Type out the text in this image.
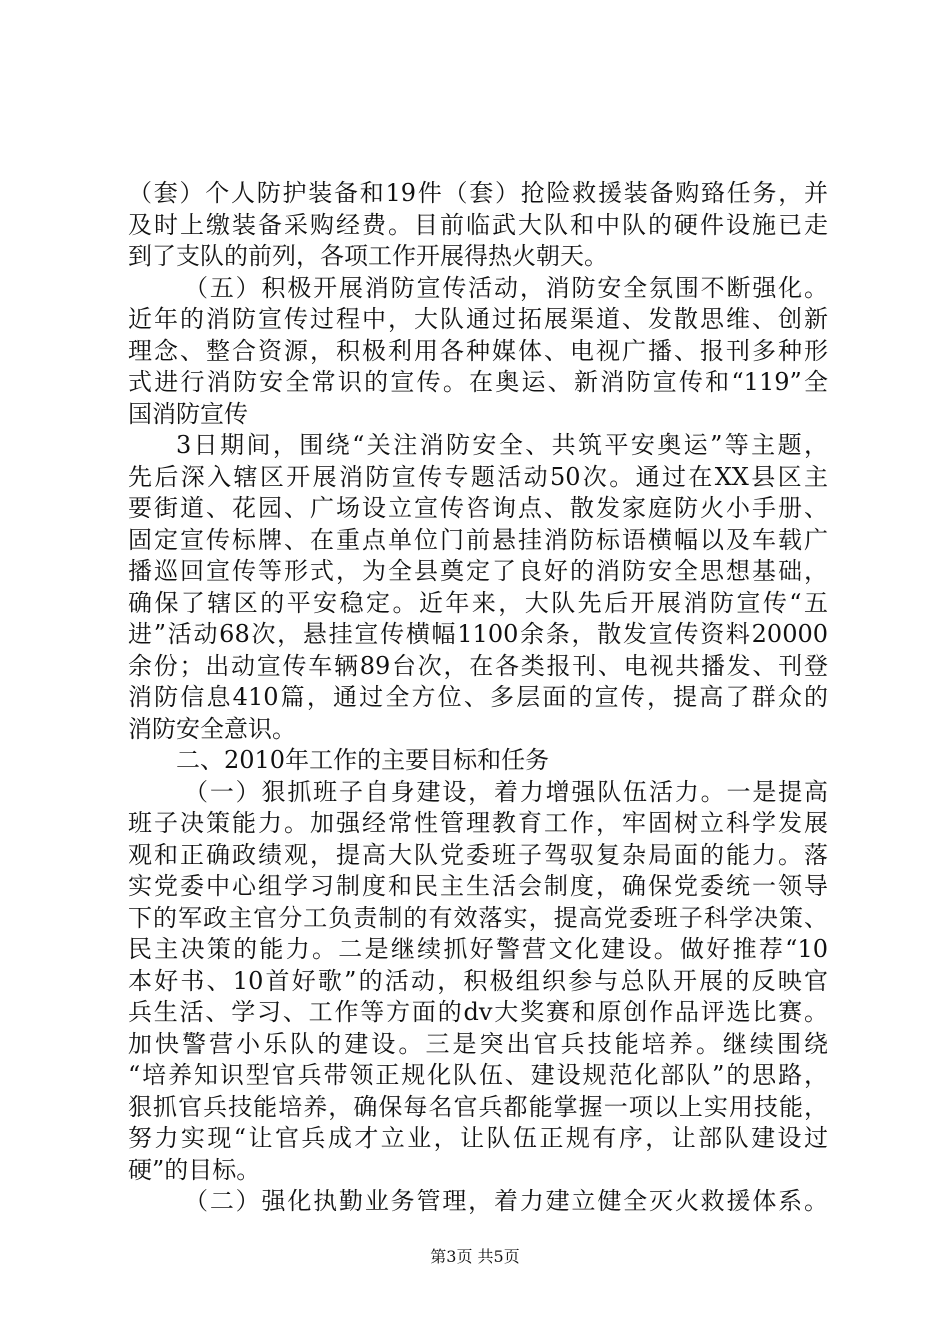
（套）个人防护装备和19件（套）抢险救援装备购臵任务，并
及时上缴装备采购经费。目前临武大队和中队的硬件设施已走
到了支队的前列，各项工作开展得热火朝天。
（五）积极开展消防宣传活动，消防安全氛围不断强化。
近年的消防宣传过程中，大队通过拓展渠道、发散思维、创新
理念、整合资源，积极利用各种媒体、电视广播、报刊多种形
式进行消防安全常识的宣传。在奥运、新消防宣传和“119”全
国消防宣传
3日期间，围绕“关注消防安全、共筑平安奥运”等主题，
先后深入辖区开展消防宣传专题活动50次。通过在XX县区主
要街道、花园、广场设立宣传咨询点、散发家庭防火小手册、
固定宣传标牌、在重点单位门前悬挂消防标语横幅以及车载广
播巡回宣传等形式，为全县奠定了良好的消防安全思想基础，
确保了辖区的平安稳定。近年来，大队先后开展消防宣传“五
进”活动68次，悬挂宣传横幅1100余条，散发宣传资料20000
余份；出动宣传车辆89台次，在各类报刊、电视共播发、刊登
消防信息410篇，通过全方位、多层面的宣传，提高了群众的
消防安全意识。
二、2010年工作的主要目标和任务
（一）狠抓班子自身建设，着力增强队伍活力。一是提高
班子决策能力。加强经常性管理教育工作，牢固树立科学发展
观和正确政绩观，提高大队党委班子驾驭复杂局面的能力。落
实党委中心组学习制度和民主生活会制度，确保党委统一领导
下的军政主官分工负责制的有效落实，提高党委班子科学决策、
民主决策的能力。二是继续抓好警营文化建设。做好推荐“10
本好书、10首好歌”的活动，积极组织参与总队开展的反映官
兵生活、学习、工作等方面的dv大奖赛和原创作品评选比赛。
加快警营小乐队的建设。三是突出官兵技能培养。继续围绕
“培养知识型官兵带领正规化队伍、建设规范化部队”的思路，
狠抓官兵技能培养，确保每名官兵都能掌握一项以上实用技能，
努力实现“让官兵成才立业，让队伍正规有序，让部队建设过
硬”的目标。
（二）强化执勤业务管理，着力建立健全灭火救援体系。
第3页 共5页
